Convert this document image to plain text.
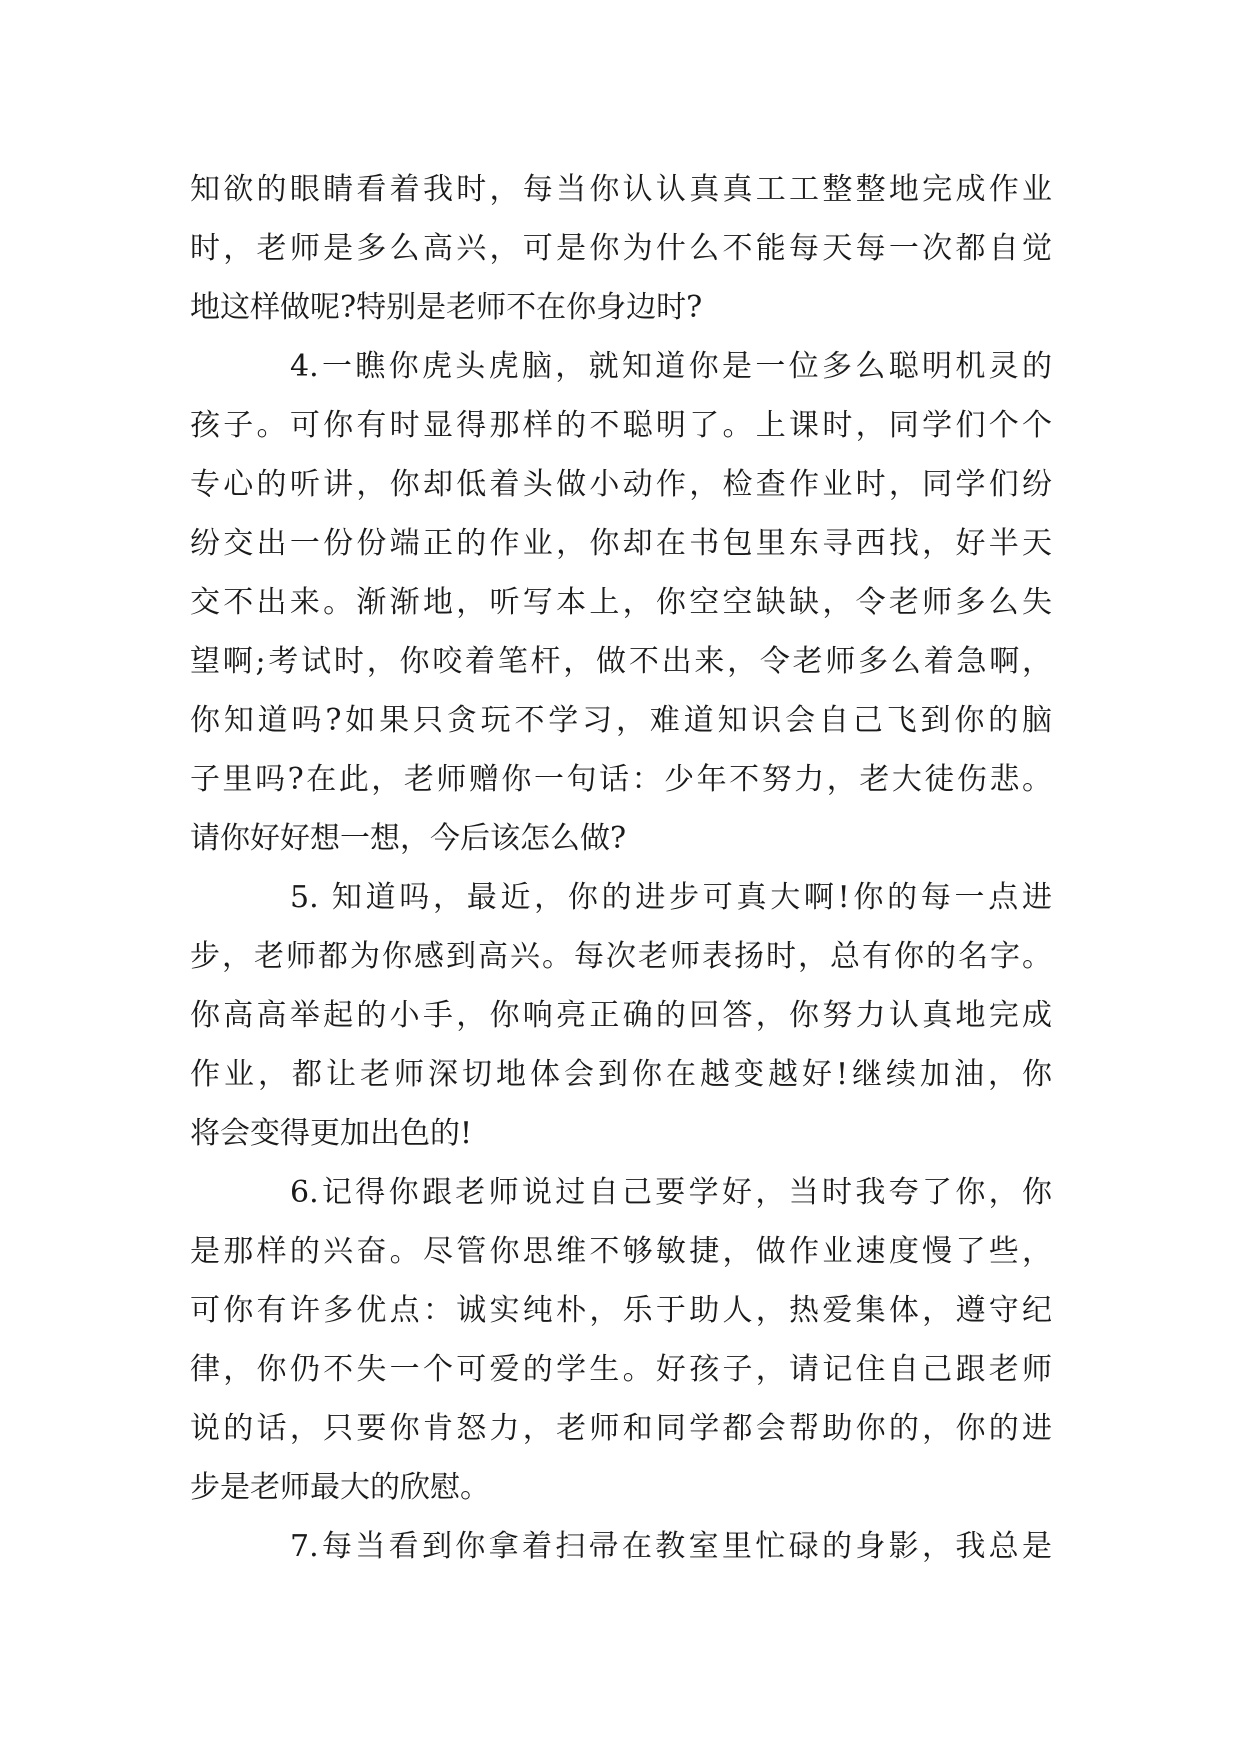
知欲的眼睛看着我时，每当你认认真真工工整整地完成作业
时，老师是多么高兴，可是你为什么不能每天每一次都自觉
地这样做呢?特别是老师不在你身边时?
4.一瞧你虎头虎脑，就知道你是一位多么聪明机灵的
孩子。可你有时显得那样的不聪明了。上课时，同学们个个
专心的听讲，你却低着头做小动作，检查作业时，同学们纷
纷交出一份份端正的作业，你却在书包里东寻西找，好半天
交不出来。渐渐地，听写本上，你空空缺缺，令老师多么失
望啊;考试时，你咬着笔杆，做不出来，令老师多么着急啊，
你知道吗?如果只贪玩不学习，难道知识会自己飞到你的脑
子里吗?在此，老师赠你一句话：少年不努力，老大徒伤悲。
请你好好想一想，今后该怎么做?
5. 知道吗，最近，你的进步可真大啊!你的每一点进
步，老师都为你感到高兴。每次老师表扬时，总有你的名字。
你高高举起的小手，你响亮正确的回答，你努力认真地完成
作业，都让老师深切地体会到你在越变越好!继续加油，你
将会变得更加出色的!
6.记得你跟老师说过自己要学好，当时我夸了你，你
是那样的兴奋。尽管你思维不够敏捷，做作业速度慢了些，
可你有许多优点：诚实纯朴，乐于助人，热爱集体，遵守纪
律，你仍不失一个可爱的学生。好孩子，请记住自己跟老师
说的话，只要你肯怒力，老师和同学都会帮助你的，你的进
步是老师最大的欣慰。
7.每当看到你拿着扫帚在教室里忙碌的身影，我总是
